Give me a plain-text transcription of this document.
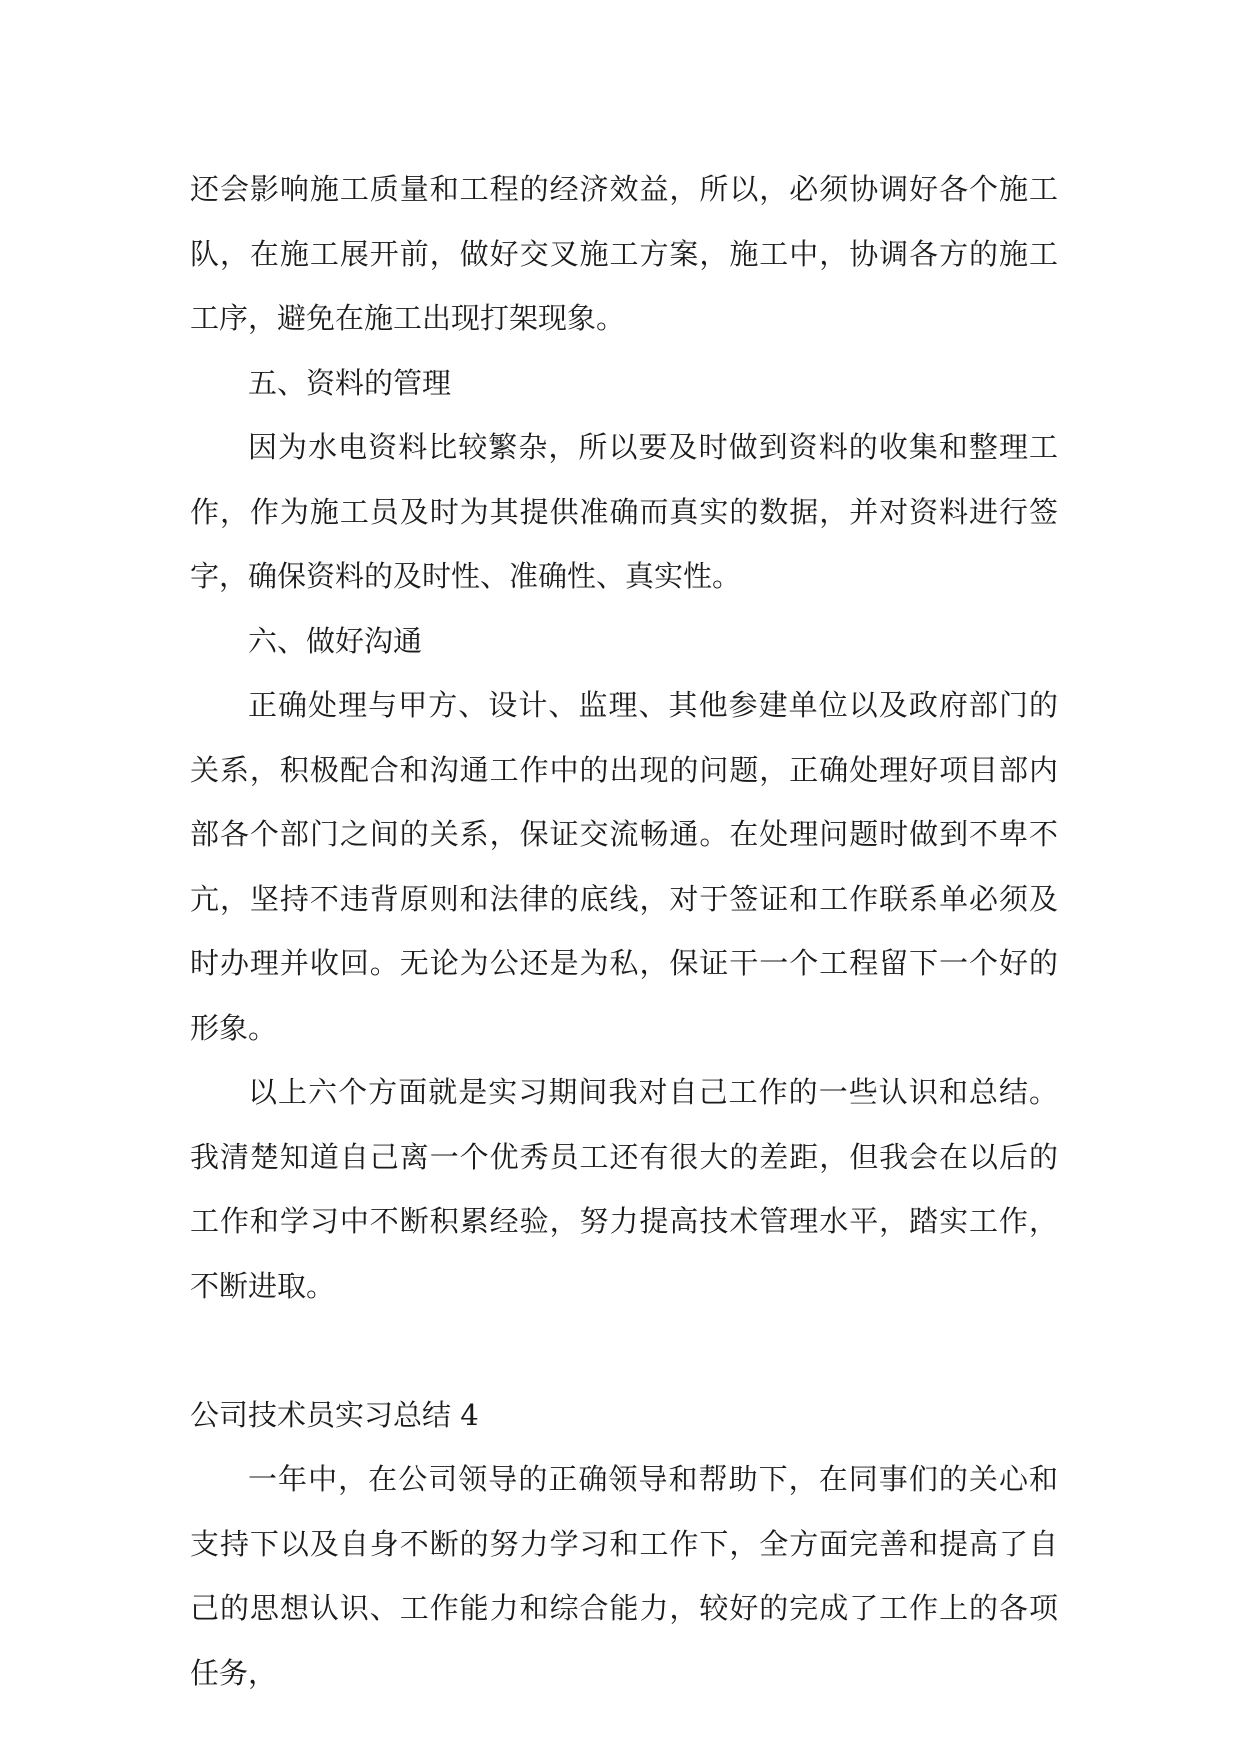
还会影响施工质量和工程的经济效益，所以，必须协调好各个施工队，在施工展开前，做好交叉施工方案，施工中，协调各方的施工工序，避免在施工出现打架现象。

五、资料的管理

因为水电资料比较繁杂，所以要及时做到资料的收集和整理工作，作为施工员及时为其提供准确而真实的数据，并对资料进行签字，确保资料的及时性、准确性、真实性。

六、做好沟通

正确处理与甲方、设计、监理、其他参建单位以及政府部门的关系，积极配合和沟通工作中的出现的问题，正确处理好项目部内部各个部门之间的关系，保证交流畅通。在处理问题时做到不卑不亢，坚持不违背原则和法律的底线，对于签证和工作联系单必须及时办理并收回。无论为公还是为私，保证干一个工程留下一个好的形象。

以上六个方面就是实习期间我对自己工作的一些认识和总结。我清楚知道自己离一个优秀员工还有很大的差距，但我会在以后的工作和学习中不断积累经验，努力提高技术管理水平，踏实工作，不断进取。

公司技术员实习总结 4

一年中，在公司领导的正确领导和帮助下，在同事们的关心和支持下以及自身不断的努力学习和工作下，全方面完善和提高了自己的思想认识、工作能力和综合能力，较好的完成了工作上的各项任务，
